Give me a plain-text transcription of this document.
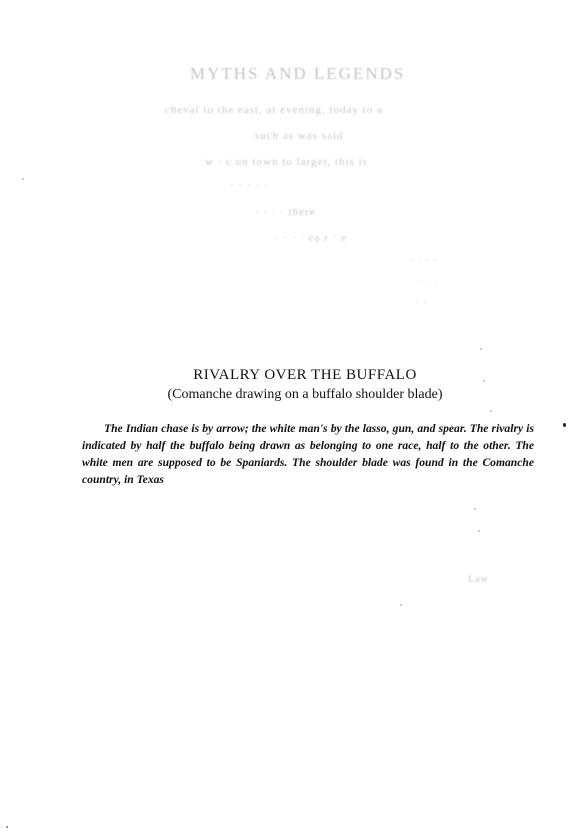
MYTHS AND LEGENDS
cheval to the east, at evening, today to a
such as was said
w · c on town to larger, this is
· · · · ·
· · · · there
· · · · ca r · e
· · · ·
· · ·
· ·
Law
RIVALRY OVER THE BUFFALO
(Comanche drawing on a buffalo shoulder blade)
The Indian chase is by arrow; the white man's by the lasso, gun, and spear. The rivalry is indicated by half the buffalo being drawn as belonging to one race, half to the other. The white men are supposed to be Spaniards. The shoulder blade was found in the Comanche country, in Texas
